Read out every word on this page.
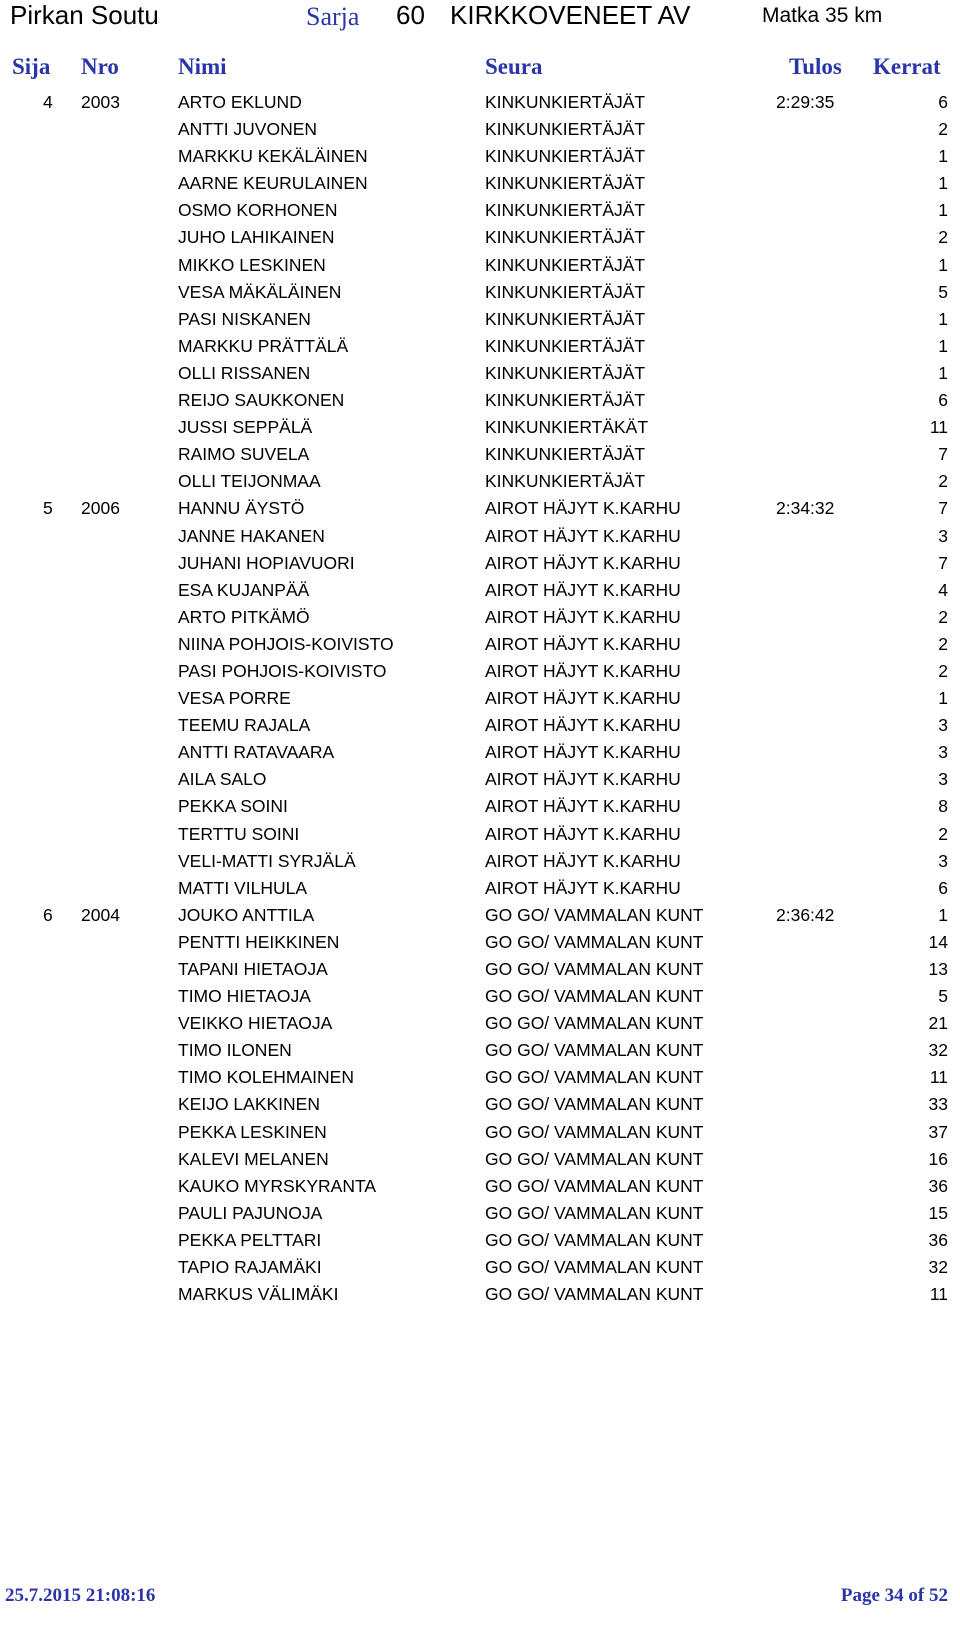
Pirkan Soutu	Sarja 60 KIRKKOVENEET AV	Matka 35 km
Sija Nro	Nimi	Seura	Tulos Kerrat
4 2003	ARTO EKLUND	KINKUNKIERTÄJÄT	2:29:35	6
ANTTI JUVONEN	KINKUNKIERTÄJÄT	2
MARKKU KEKÄLÄINEN	KINKUNKIERTÄJÄT	1
AARNE KEURULAINEN	KINKUNKIERTÄJÄT	1
OSMO KORHONEN	KINKUNKIERTÄJÄT	1
JUHO LAHIKAINEN	KINKUNKIERTÄJÄT	2
MIKKO LESKINEN	KINKUNKIERTÄJÄT	1
VESA MÄKÄLÄINEN	KINKUNKIERTÄJÄT	5
PASI NISKANEN	KINKUNKIERTÄJÄT	1
MARKKU PRÄTTÄLÄ	KINKUNKIERTÄJÄT	1
OLLI RISSANEN	KINKUNKIERTÄJÄT	1
REIJO SAUKKONEN	KINKUNKIERTÄJÄT	6
JUSSI SEPPÄLÄ	KINKUNKIERTÄKÄT	11
RAIMO SUVELA	KINKUNKIERTÄJÄT	7
OLLI TEIJONMAA	KINKUNKIERTÄJÄT	2
5 2006	HANNU ÄYSTÖ	AIROT HÄJYT K.KARHU	2:34:32	7
JANNE HAKANEN	AIROT HÄJYT K.KARHU	3
JUHANI HOPIAVUORI	AIROT HÄJYT K.KARHU	7
ESA KUJANPÄÄ	AIROT HÄJYT K.KARHU	4
ARTO PITKÄMÖ	AIROT HÄJYT K.KARHU	2
NIINA POHJOIS-KOIVISTO	AIROT HÄJYT K.KARHU	2
PASI POHJOIS-KOIVISTO	AIROT HÄJYT K.KARHU	2
VESA PORRE	AIROT HÄJYT K.KARHU	1
TEEMU RAJALA	AIROT HÄJYT K.KARHU	3
ANTTI RATAVAARA	AIROT HÄJYT K.KARHU	3
AILA SALO	AIROT HÄJYT K.KARHU	3
PEKKA SOINI	AIROT HÄJYT K.KARHU	8
TERTTU SOINI	AIROT HÄJYT K.KARHU	2
VELI-MATTI SYRJÄLÄ	AIROT HÄJYT K.KARHU	3
MATTI VILHULA	AIROT HÄJYT K.KARHU	6
6 2004	JOUKO ANTTILA	GO GO/ VAMMALAN KUNT	2:36:42	1
PENTTI HEIKKINEN	GO GO/ VAMMALAN KUNT	14
TAPANI HIETAOJA	GO GO/ VAMMALAN KUNT	13
TIMO HIETAOJA	GO GO/ VAMMALAN KUNT	5
VEIKKO HIETAOJA	GO GO/ VAMMALAN KUNT	21
TIMO ILONEN	GO GO/ VAMMALAN KUNT	32
TIMO KOLEHMAINEN	GO GO/ VAMMALAN KUNT	11
KEIJO LAKKINEN	GO GO/ VAMMALAN KUNT	33
PEKKA LESKINEN	GO GO/ VAMMALAN KUNT	37
KALEVI MELANEN	GO GO/ VAMMALAN KUNT	16
KAUKO MYRSKYRANTA	GO GO/ VAMMALAN KUNT	36
PAULI PAJUNOJA	GO GO/ VAMMALAN KUNT	15
PEKKA PELTTARI	GO GO/ VAMMALAN KUNT	36
TAPIO RAJAMÄKI	GO GO/ VAMMALAN KUNT	32
MARKUS VÄLIMÄKI	GO GO/ VAMMALAN KUNT	11
25.7.2015 21:08:16	Page 34 of 52
